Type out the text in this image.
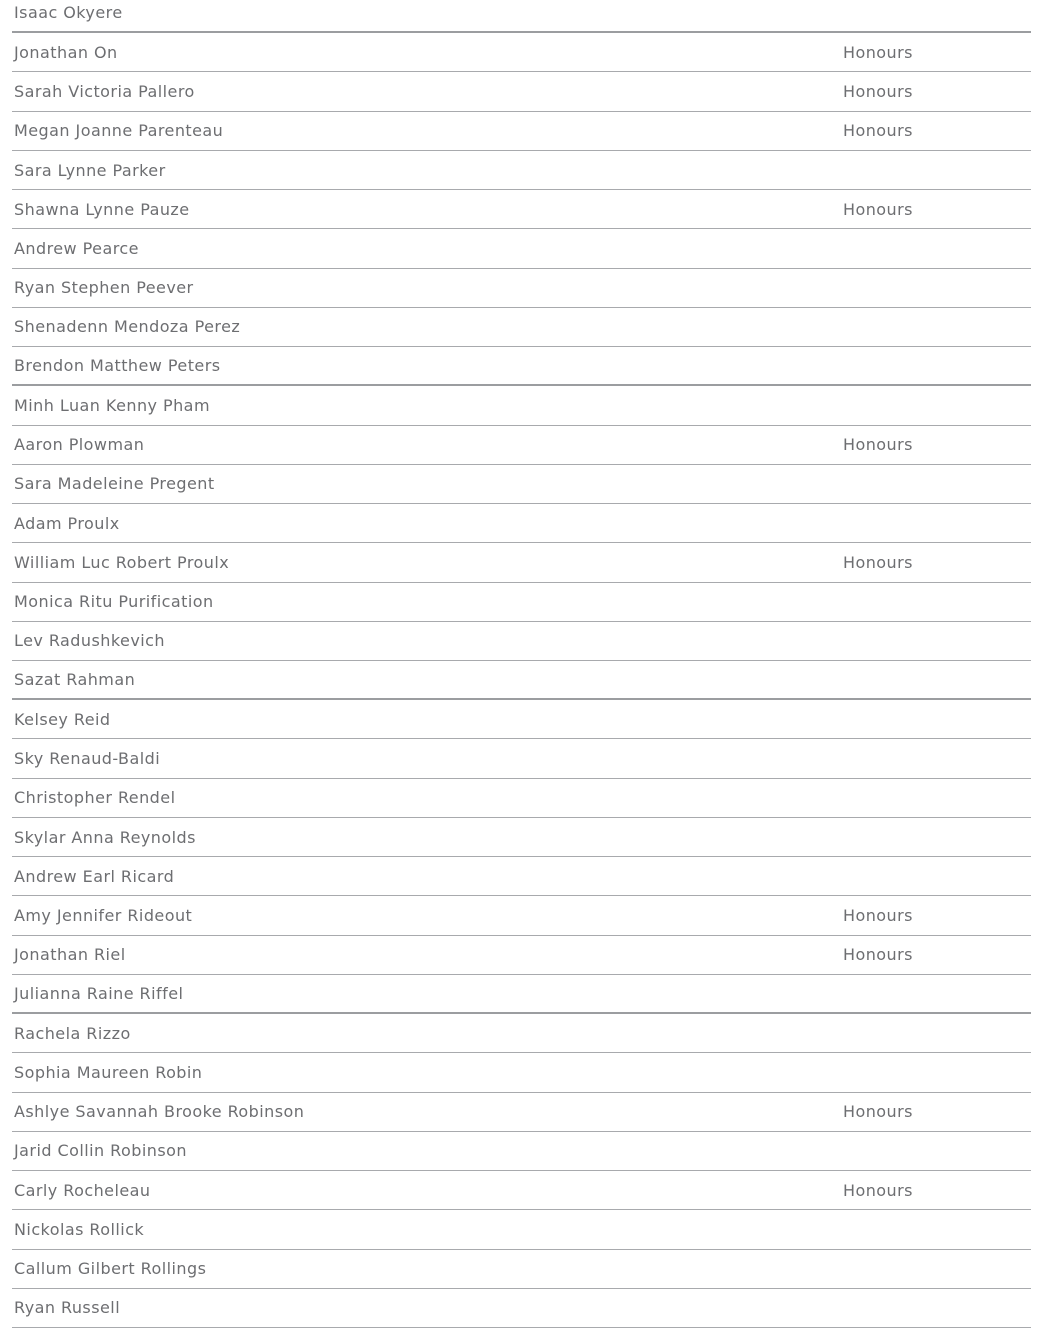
Isaac Okyere
Jonathan On	Honours
Sarah Victoria Pallero	Honours
Megan Joanne Parenteau	Honours
Sara Lynne Parker
Shawna Lynne Pauze	Honours
Andrew Pearce
Ryan Stephen Peever
Shenadenn Mendoza Perez
Brendon Matthew Peters
Minh Luan Kenny Pham
Aaron Plowman	Honours
Sara Madeleine Pregent
Adam Proulx
William Luc Robert Proulx	Honours
Monica Ritu Purification
Lev Radushkevich
Sazat Rahman
Kelsey Reid
Sky Renaud-Baldi
Christopher Rendel
Skylar Anna Reynolds
Andrew Earl Ricard
Amy Jennifer Rideout	Honours
Jonathan Riel	Honours
Julianna Raine Riffel
Rachela Rizzo
Sophia Maureen Robin
Ashlye Savannah Brooke Robinson	Honours
Jarid Collin Robinson
Carly Rocheleau	Honours
Nickolas Rollick
Callum Gilbert Rollings
Ryan Russell
